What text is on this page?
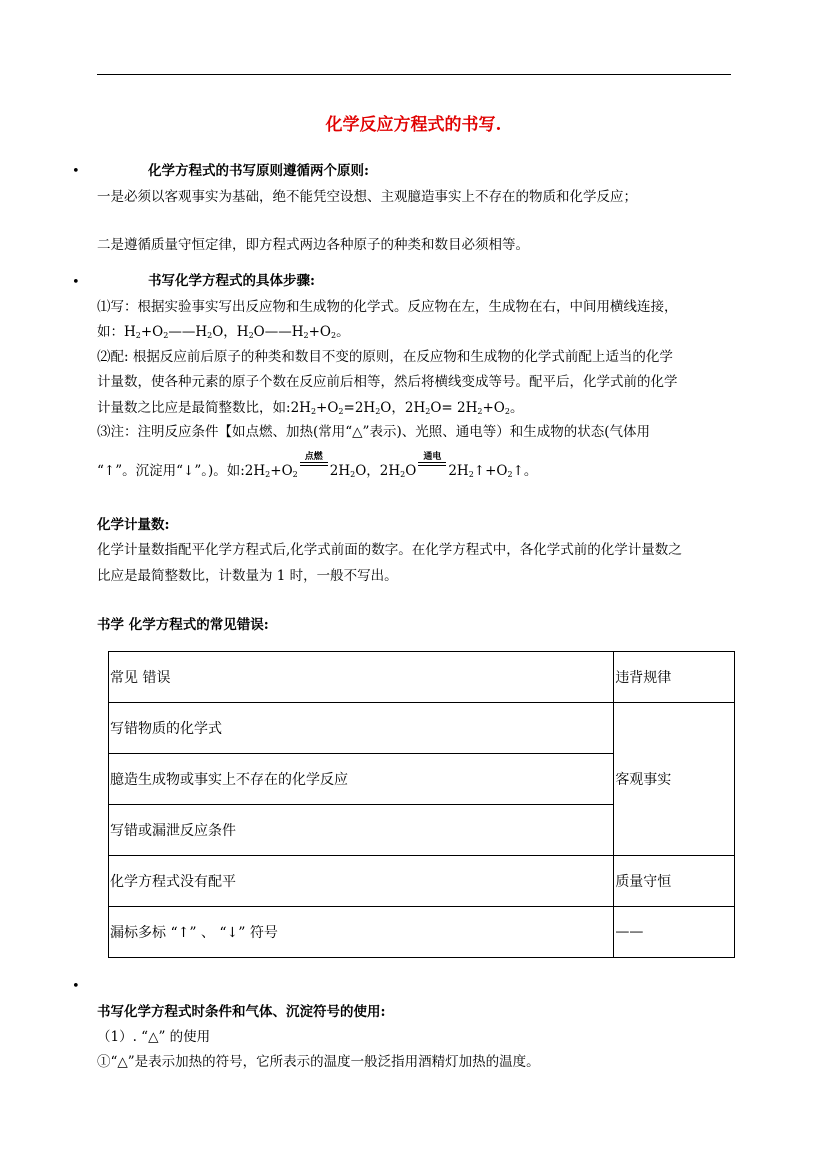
化学反应方程式的书写.
•	化学方程式的书写原则遵循两个原则:
一是必须以客观事实为基础，绝不能凭空设想、主观臆造事实上不存在的物质和化学反应；
二是遵循质量守恒定律，即方程式两边各种原子的种类和数目必须相等。
•	书写化学方程式的具体步骤:
⑴写：根据实验事实写出反应物和生成物的化学式。反应物在左，生成物在右，中间用横线连接，
如：$H_2+O_2——H_2O$，$H_2O——H_2+O_2$。
⑵配: 根据反应前后原子的种类和数目不变的原则，在反应物和生成物的化学式前配上适当的化学
计量数，使各种元素的原子个数在反应前后相等，然后将横线变成等号。配平后，化学式前的化学
计量数之比应是最简整数比，如$:2H_2+O_2=2H_2O$，$2H_2O= 2H_2+O_2$。
⑶注：注明反应条件【如点燃、加热(常用“△”表示)、光照、通电等）和生成物的状态(气体用
“↑”。沉淀用“↓”。)。如$:2H_2+O_2$
点燃
$2H_2O$，$2H_2O$
通电
$2H_2↑+O_2↑$。
化学计量数:
化学计量数指配平化学方程式后,化学式前面的数字。在化学方程式中，各化学式前的化学计量数之
比应是最简整数比，计数量为 1 时，一般不写出。
书学 化学方程式的常见错误:
常见 错误	违背规律
写错物质的化学式	客观事实
臆造生成物或事实上不存在的化学反应	
写错或漏泄反应条件	
化学方程式没有配平	质量守恒
漏标多标 “↑” 、 “↓” 符号	——
•
书写化学方程式时条件和气体、沉淀符号的使用:
（1）. “△” 的使用
①“△”是表示加热的符号，它所表示的温度一般泛指用酒精灯加热的温度。
